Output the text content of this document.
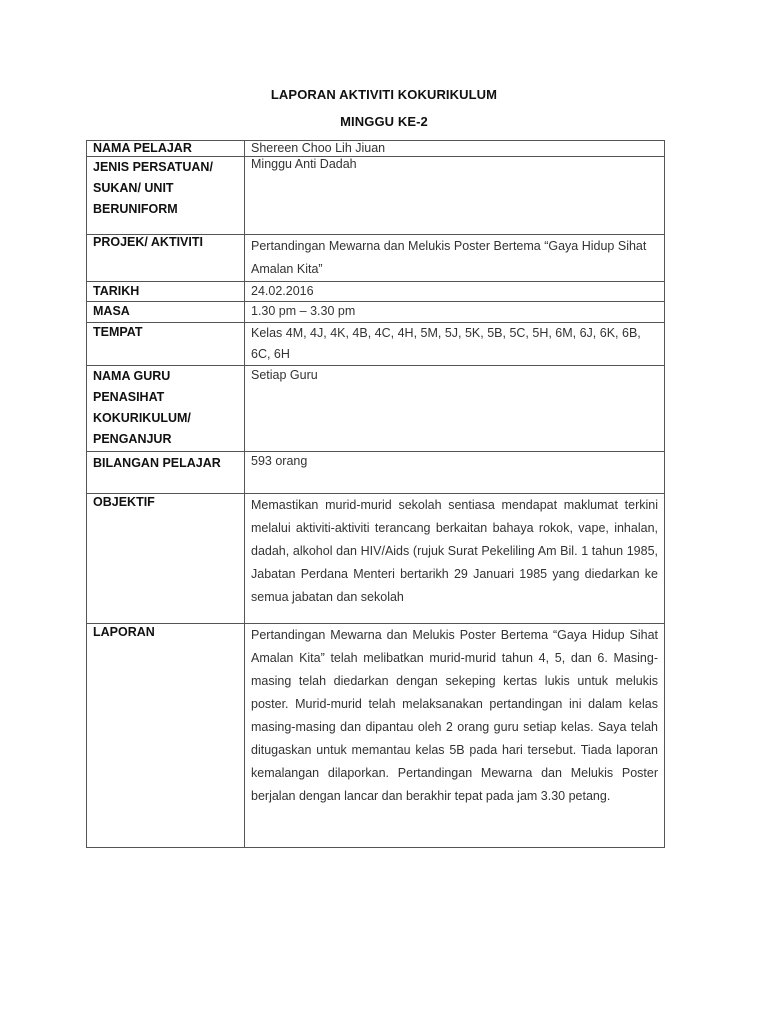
LAPORAN AKTIVITI KOKURIKULUM
MINGGU KE-2
NAMA PELAJAR	Shereen Choo Lih Jiuan
JENIS PERSATUAN/ SUKAN/ UNIT BERUNIFORM	Minggu Anti Dadah
PROJEK/ AKTIVITI	Pertandingan Mewarna dan Melukis Poster Bertema “Gaya Hidup Sihat Amalan Kita”
TARIKH	24.02.2016
MASA	1.30 pm – 3.30 pm
TEMPAT	Kelas 4M, 4J, 4K, 4B, 4C, 4H, 5M, 5J, 5K, 5B, 5C, 5H, 6M, 6J, 6K, 6B, 6C, 6H
NAMA GURU PENASIHAT KOKURIKULUM/ PENGANJUR	Setiap Guru
BILANGAN PELAJAR	593 orang
OBJEKTIF	Memastikan murid-murid sekolah sentiasa mendapat maklumat terkini melalui aktiviti-aktiviti terancang berkaitan bahaya rokok, vape, inhalan, dadah, alkohol dan HIV/Aids (rujuk Surat Pekeliling Am Bil. 1 tahun 1985, Jabatan Perdana Menteri bertarikh 29 Januari 1985 yang diedarkan ke semua jabatan dan sekolah
LAPORAN	Pertandingan Mewarna dan Melukis Poster Bertema “Gaya Hidup Sihat Amalan Kita” telah melibatkan murid-murid tahun 4, 5, dan 6. Masing-masing telah diedarkan dengan sekeping kertas lukis untuk melukis poster. Murid-murid telah melaksanakan pertandingan ini dalam kelas masing-masing dan dipantau oleh 2 orang guru setiap kelas. Saya telah ditugaskan untuk memantau kelas 5B pada hari tersebut. Tiada laporan kemalangan dilaporkan. Pertandingan Mewarna dan Melukis Poster berjalan dengan lancar dan berakhir tepat pada jam 3.30 petang.
